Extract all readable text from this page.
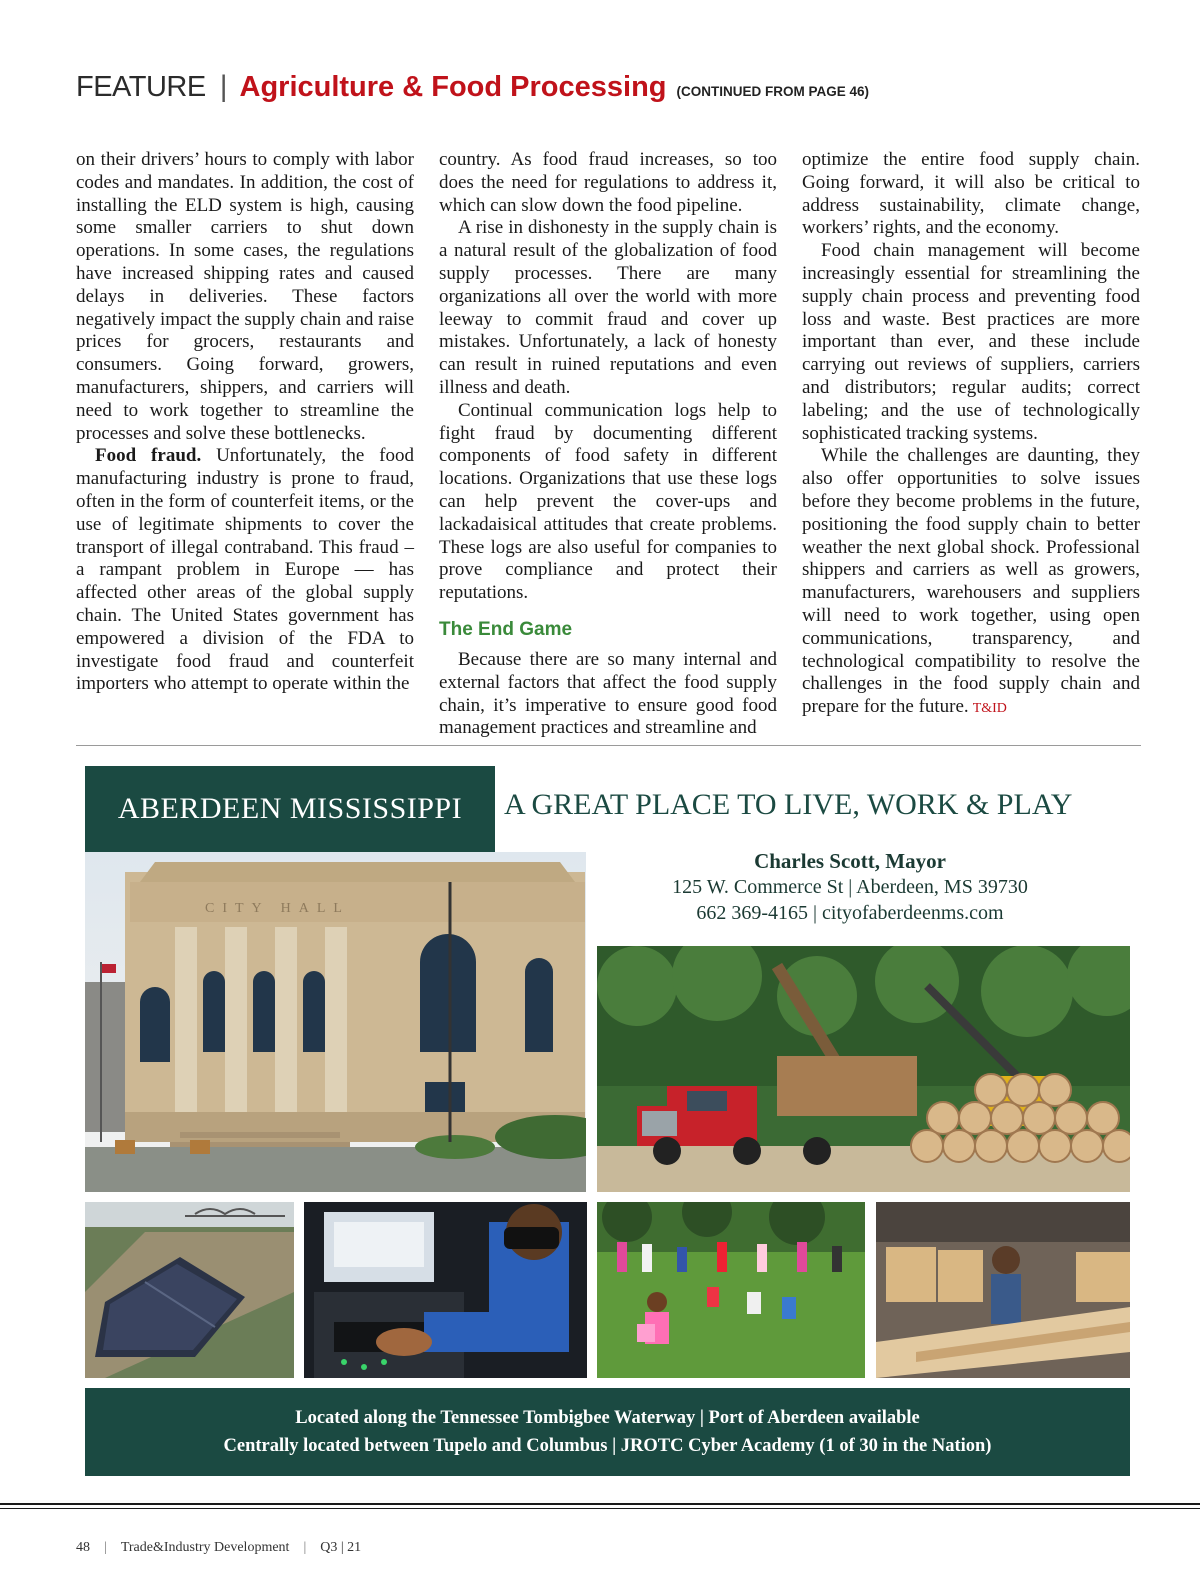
FEATURE | Agriculture & Food Processing (CONTINUED FROM PAGE 46)

on their drivers’ hours to comply with labor codes and mandates. In addition, the cost of installing the ELD system is high, causing some smaller carriers to shut down operations. In some cases, the regulations have increased shipping rates and caused delays in deliveries. These factors negatively impact the supply chain and raise prices for grocers, restaurants and consumers. Going forward, growers, manufacturers, shippers, and carriers will need to work together to streamline the processes and solve these bottlenecks.

Food fraud. Unfortunately, the food manufacturing industry is prone to fraud, often in the form of counterfeit items, or the use of legitimate shipments to cover the transport of illegal contraband. This fraud – a rampant problem in Europe — has affected other areas of the global supply chain. The United States government has empowered a division of the FDA to investigate food fraud and counterfeit importers who attempt to operate within the

country. As food fraud increases, so too does the need for regulations to address it, which can slow down the food pipeline.

A rise in dishonesty in the supply chain is a natural result of the globalization of food supply processes. There are many organizations all over the world with more leeway to commit fraud and cover up mistakes. Unfortunately, a lack of honesty can result in ruined reputations and even illness and death.

Continual communication logs help to fight fraud by documenting different components of food safety in different locations. Organizations that use these logs can help prevent the cover-ups and lackadaisical attitudes that create problems. These logs are also useful for companies to prove compliance and protect their reputations.

The End Game

Because there are so many internal and external factors that affect the food supply chain, it’s imperative to ensure good food management practices and streamline and

optimize the entire food supply chain. Going forward, it will also be critical to address sustainability, climate change, workers’ rights, and the economy.

Food chain management will become increasingly essential for streamlining the supply chain process and preventing food loss and waste. Best practices are more important than ever, and these include carrying out reviews of suppliers, carriers and distributors; regular audits; correct labeling; and the use of technologically sophisticated tracking systems.

While the challenges are daunting, they also offer opportunities to solve issues before they become problems in the future, positioning the food supply chain to better weather the next global shock. Professional shippers and carriers as well as growers, manufacturers, warehousers and suppliers will need to work together, using open communications, transparency, and technological compatibility to resolve the challenges in the food supply chain and prepare for the future. T&ID

ABERDEEN MISSISSIPPI	A GREAT PLACE TO LIVE, WORK & PLAY
Charles Scott, Mayor
125 W. Commerce St | Aberdeen, MS 39730
662 369-4165 | cityofaberdeenms.com
CITY HALL
Located along the Tennessee Tombigbee Waterway | Port of Aberdeen available
Centrally located between Tupelo and Columbus | JROTC Cyber Academy (1 of 30 in the Nation)
48 | Trade&Industry Development | Q3 | 21
